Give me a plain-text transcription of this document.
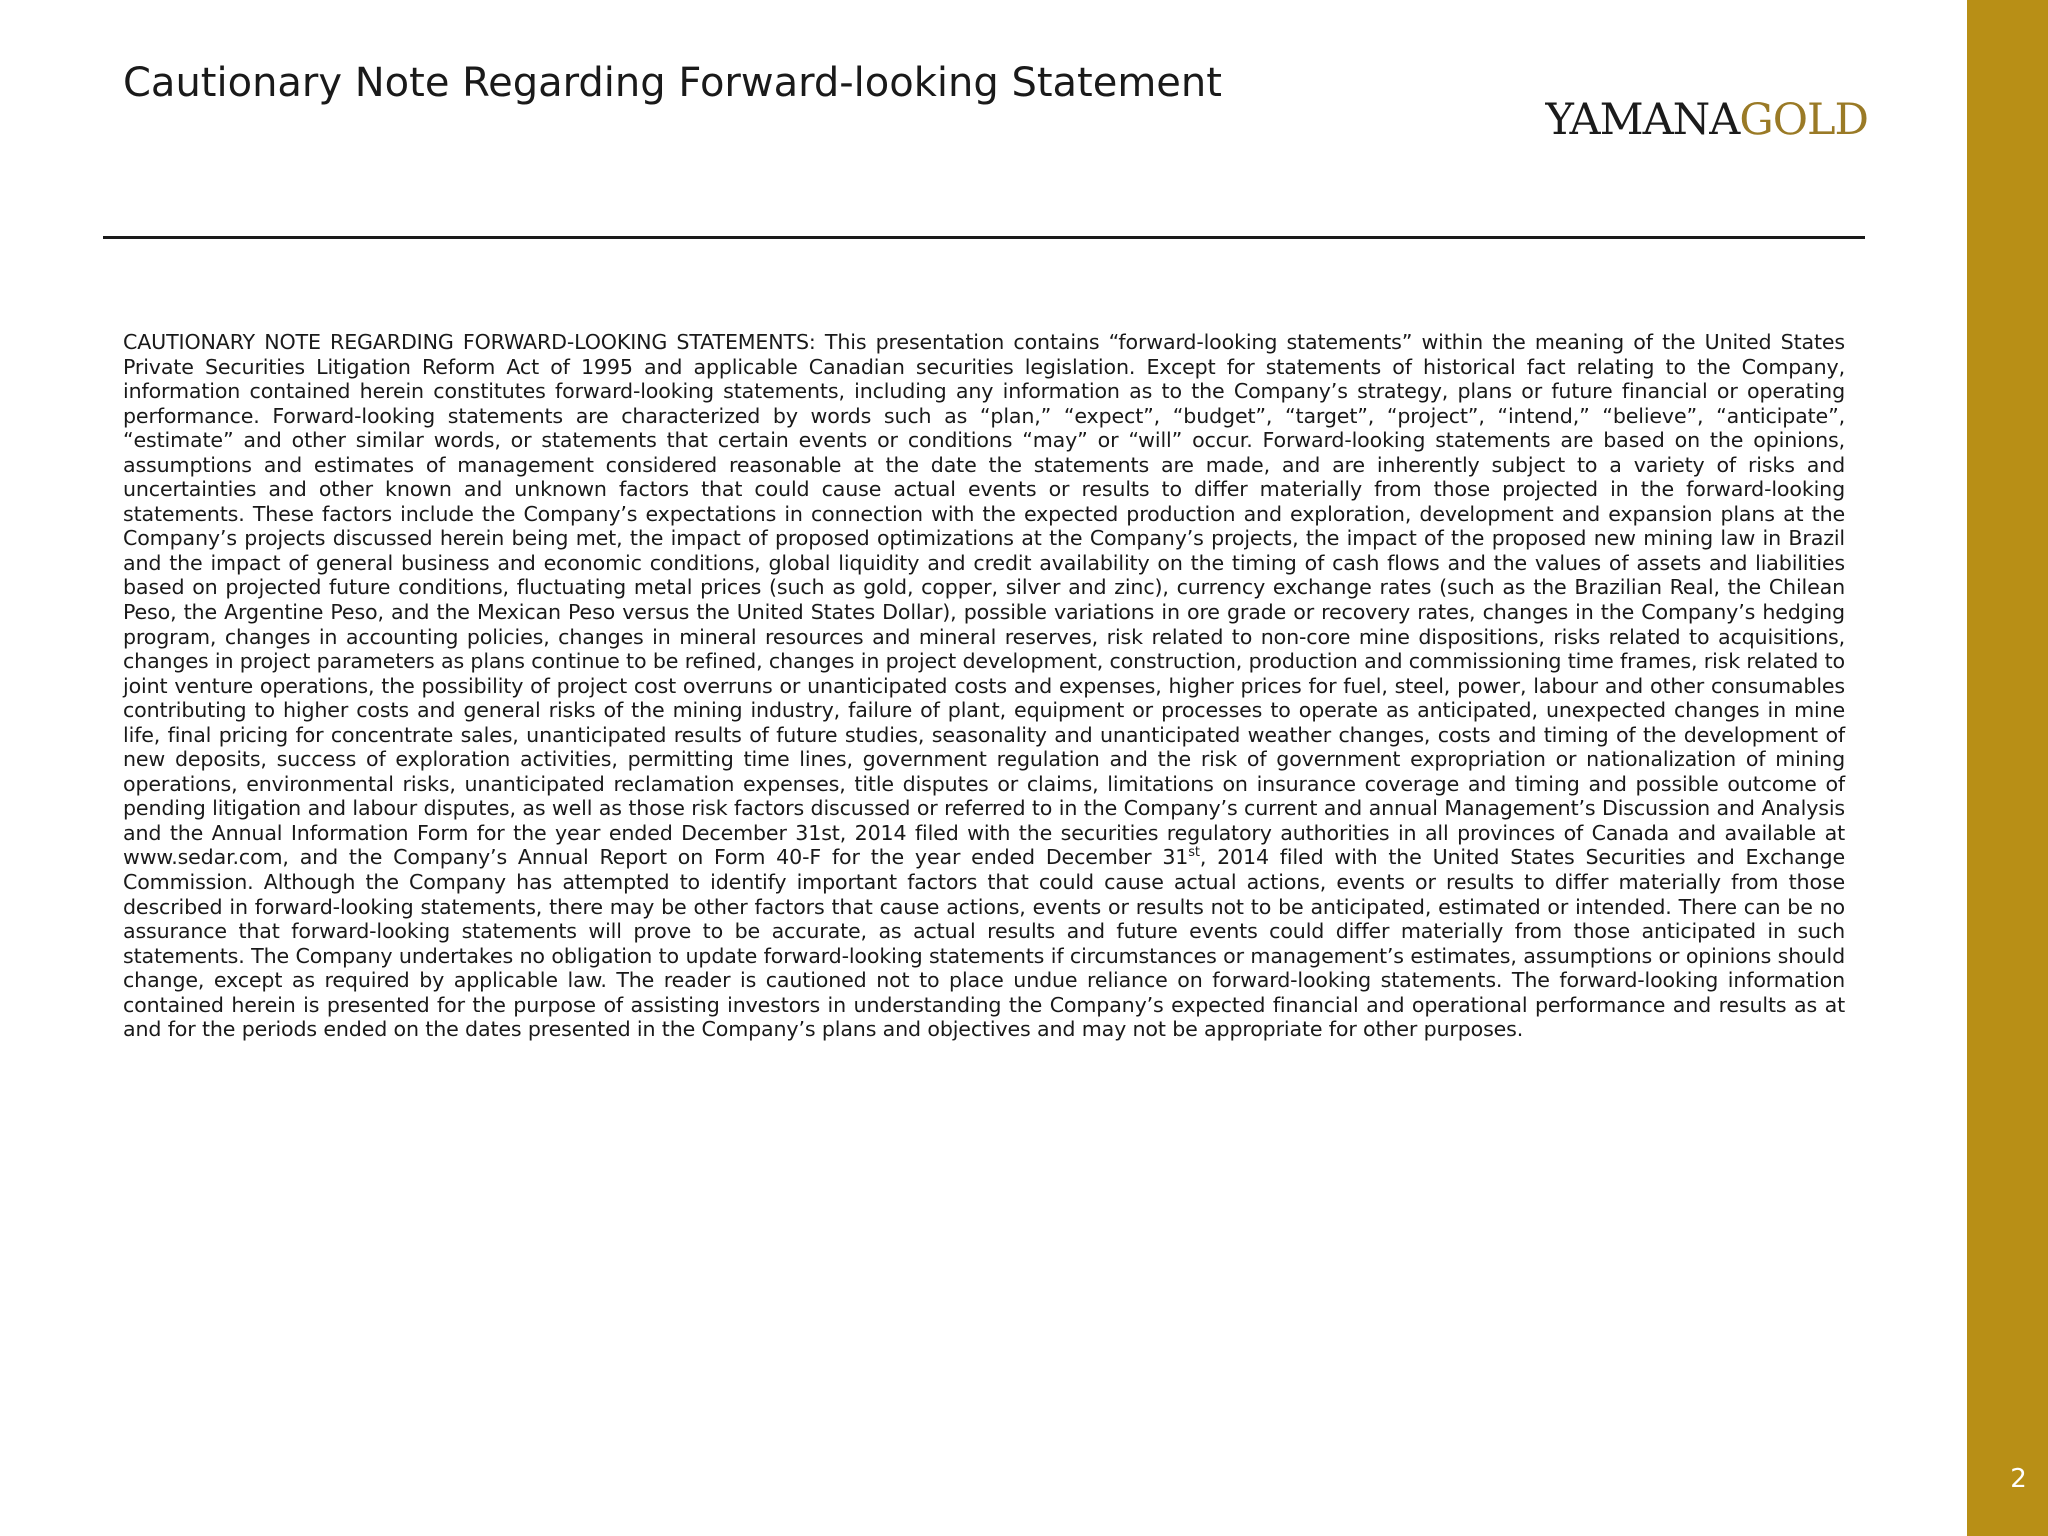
Cautionary Note Regarding Forward-looking Statement
YAMANAGOLD
CAUTIONARY NOTE REGARDING FORWARD-LOOKING STATEMENTS: This presentation contains “forward-looking statements” within the meaning of the United States Private Securities Litigation Reform Act of 1995 and applicable Canadian securities legislation. Except for statements of historical fact relating to the Company, information contained herein constitutes forward-looking statements, including any information as to the Company’s strategy, plans or future financial or operating performance. Forward-looking statements are characterized by words such as “plan,” “expect”, “budget”, “target”, “project”, “intend,” “believe”, “anticipate”, “estimate” and other similar words, or statements that certain events or conditions “may” or “will” occur. Forward-looking statements are based on the opinions, assumptions and estimates of management considered reasonable at the date the statements are made, and are inherently subject to a variety of risks and uncertainties and other known and unknown factors that could cause actual events or results to differ materially from those projected in the forward-looking statements. These factors include the Company’s expectations in connection with the expected production and exploration, development and expansion plans at the Company’s projects discussed herein being met, the impact of proposed optimizations at the Company’s projects, the impact of the proposed new mining law in Brazil and the impact of general business and economic conditions, global liquidity and credit availability on the timing of cash flows and the values of assets and liabilities based on projected future conditions, fluctuating metal prices (such as gold, copper, silver and zinc), currency exchange rates (such as the Brazilian Real, the Chilean Peso, the Argentine Peso, and the Mexican Peso versus the United States Dollar), possible variations in ore grade or recovery rates, changes in the Company’s hedging program, changes in accounting policies, changes in mineral resources and mineral reserves, risk related to non-core mine dispositions, risks related to acquisitions, changes in project parameters as plans continue to be refined, changes in project development, construction, production and commissioning time frames, risk related to joint venture operations, the possibility of project cost overruns or unanticipated costs and expenses, higher prices for fuel, steel, power, labour and other consumables contributing to higher costs and general risks of the mining industry, failure of plant, equipment or processes to operate as anticipated, unexpected changes in mine life, final pricing for concentrate sales, unanticipated results of future studies, seasonality and unanticipated weather changes, costs and timing of the development of new deposits, success of exploration activities, permitting time lines, government regulation and the risk of government expropriation or nationalization of mining operations, environmental risks, unanticipated reclamation expenses, title disputes or claims, limitations on insurance coverage and timing and possible outcome of pending litigation and labour disputes, as well as those risk factors discussed or referred to in the Company’s current and annual Management’s Discussion and Analysis and the Annual Information Form for the year ended December 31st, 2014 filed with the securities regulatory authorities in all provinces of Canada and available at www.sedar.com, and the Company’s Annual Report on Form 40-F for the year ended December 31st, 2014 filed with the United States Securities and Exchange Commission. Although the Company has attempted to identify important factors that could cause actual actions, events or results to differ materially from those described in forward-looking statements, there may be other factors that cause actions, events or results not to be anticipated, estimated or intended. There can be no assurance that forward-looking statements will prove to be accurate, as actual results and future events could differ materially from those anticipated in such statements. The Company undertakes no obligation to update forward-looking statements if circumstances or management’s estimates, assumptions or opinions should change, except as required by applicable law. The reader is cautioned not to place undue reliance on forward-looking statements. The forward-looking information contained herein is presented for the purpose of assisting investors in understanding the Company’s expected financial and operational performance and results as at and for the periods ended on the dates presented in the Company’s plans and objectives and may not be appropriate for other purposes.
2
